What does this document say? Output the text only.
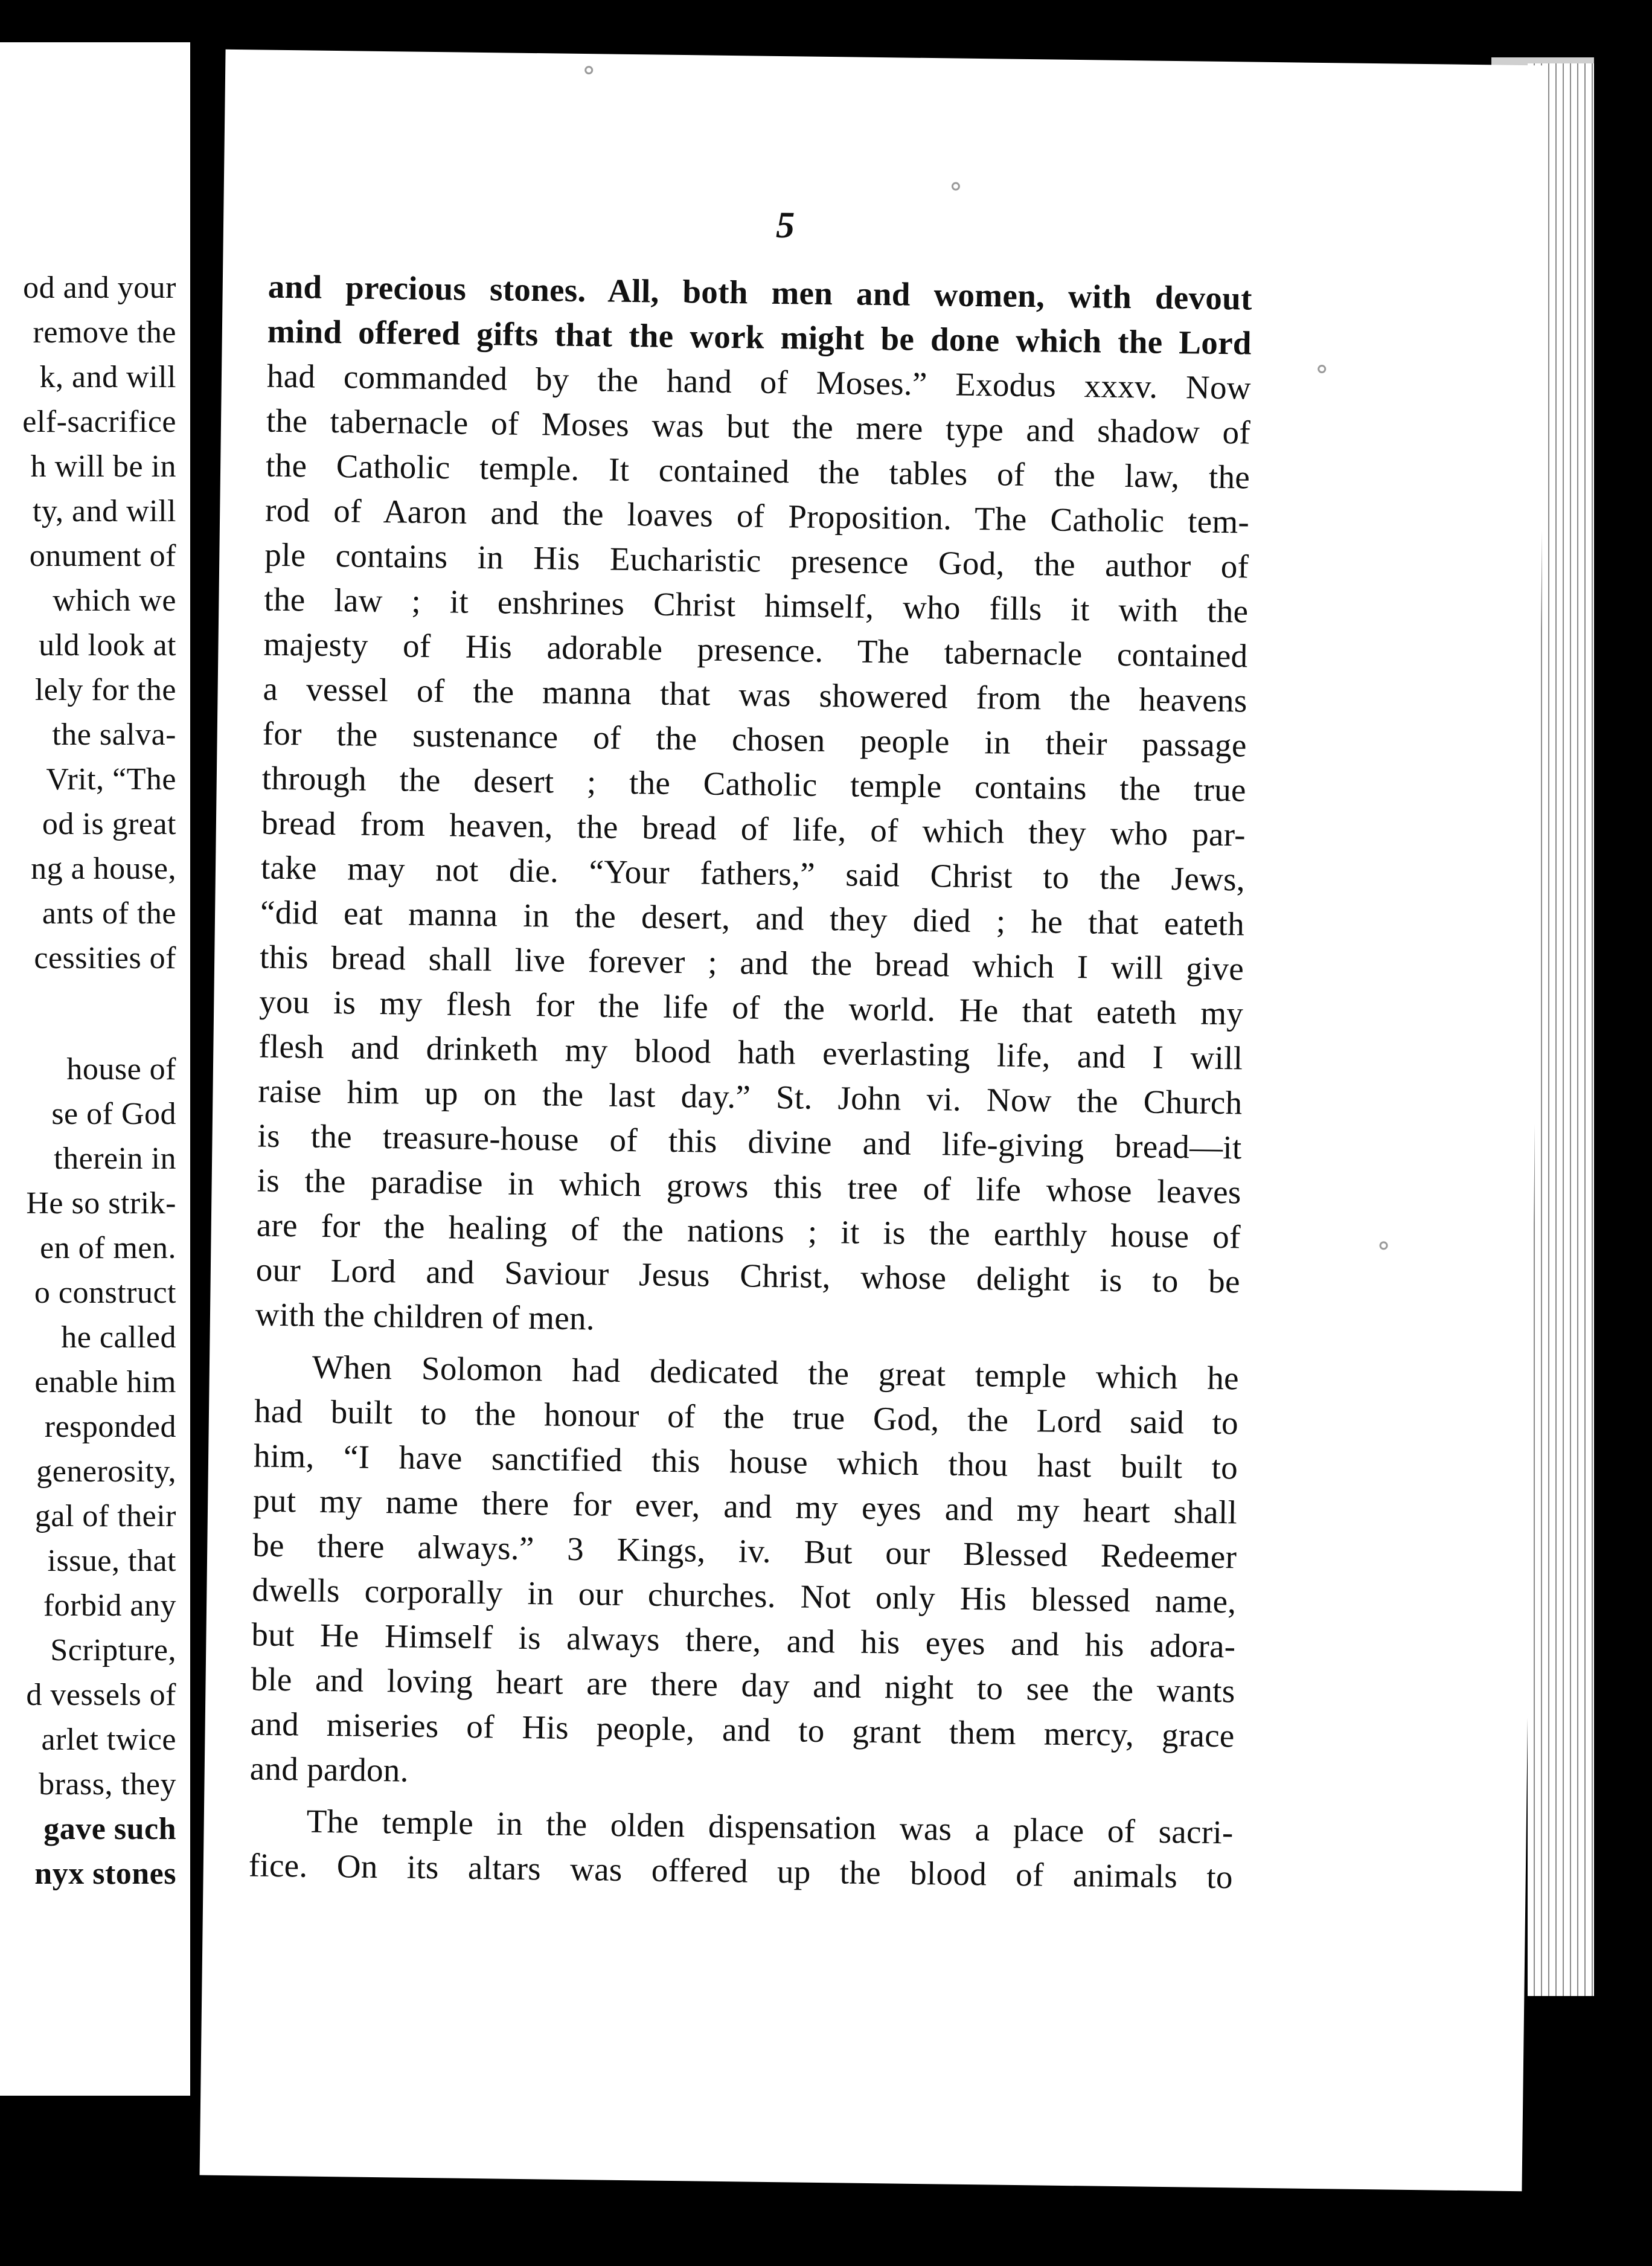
od and your
remove the
k, and will
elf-sacrifice
h will be in
ty, and will
onument of
which we
uld look at
lely for the
the salva-
Vrit, “The
od is great
ng a house,
ants of the
cessities of
house of
se of God
therein in
He so strik-
en of men.
o construct
he called
enable him
responded
generosity,
gal of their
issue, that
forbid any
Scripture,
d vessels of
arlet twice
brass, they
gave such
nyx stones
5
and precious stones. All, both men and women, with devout
mind offered gifts that the work might be done which the Lord
had commanded by the hand of Moses.” Exodus xxxv. Now
the tabernacle of Moses was but the mere type and shadow of
the Catholic temple. It contained the tables of the law, the
rod of Aaron and the loaves of Proposition. The Catholic tem-
ple contains in His Eucharistic presence God, the author of
the law ; it enshrines Christ himself, who fills it with the
majesty of His adorable presence. The tabernacle contained
a vessel of the manna that was showered from the heavens
for the sustenance of the chosen people in their passage
through the desert ; the Catholic temple contains the true
bread from heaven, the bread of life, of which they who par-
take may not die. “Your fathers,” said Christ to the Jews,
“did eat manna in the desert, and they died ; he that eateth
this bread shall live forever ; and the bread which I will give
you is my flesh for the life of the world. He that eateth my
flesh and drinketh my blood hath everlasting life, and I will
raise him up on the last day.” St. John vi. Now the Church
is the treasure-house of this divine and life-giving bread—it
is the paradise in which grows this tree of life whose leaves
are for the healing of the nations ; it is the earthly house of
our Lord and Saviour Jesus Christ, whose delight is to be
with the children of men.
When Solomon had dedicated the great temple which he
had built to the honour of the true God, the Lord said to
him, “I have sanctified this house which thou hast built to
put my name there for ever, and my eyes and my heart shall
be there always.” 3 Kings, iv. But our Blessed Redeemer
dwells corporally in our churches. Not only His blessed name,
but He Himself is always there, and his eyes and his adora-
ble and loving heart are there day and night to see the wants
and miseries of His people, and to grant them mercy, grace
and pardon.
The temple in the olden dispensation was a place of sacri-
fice. On its altars was offered up the blood of animals to
